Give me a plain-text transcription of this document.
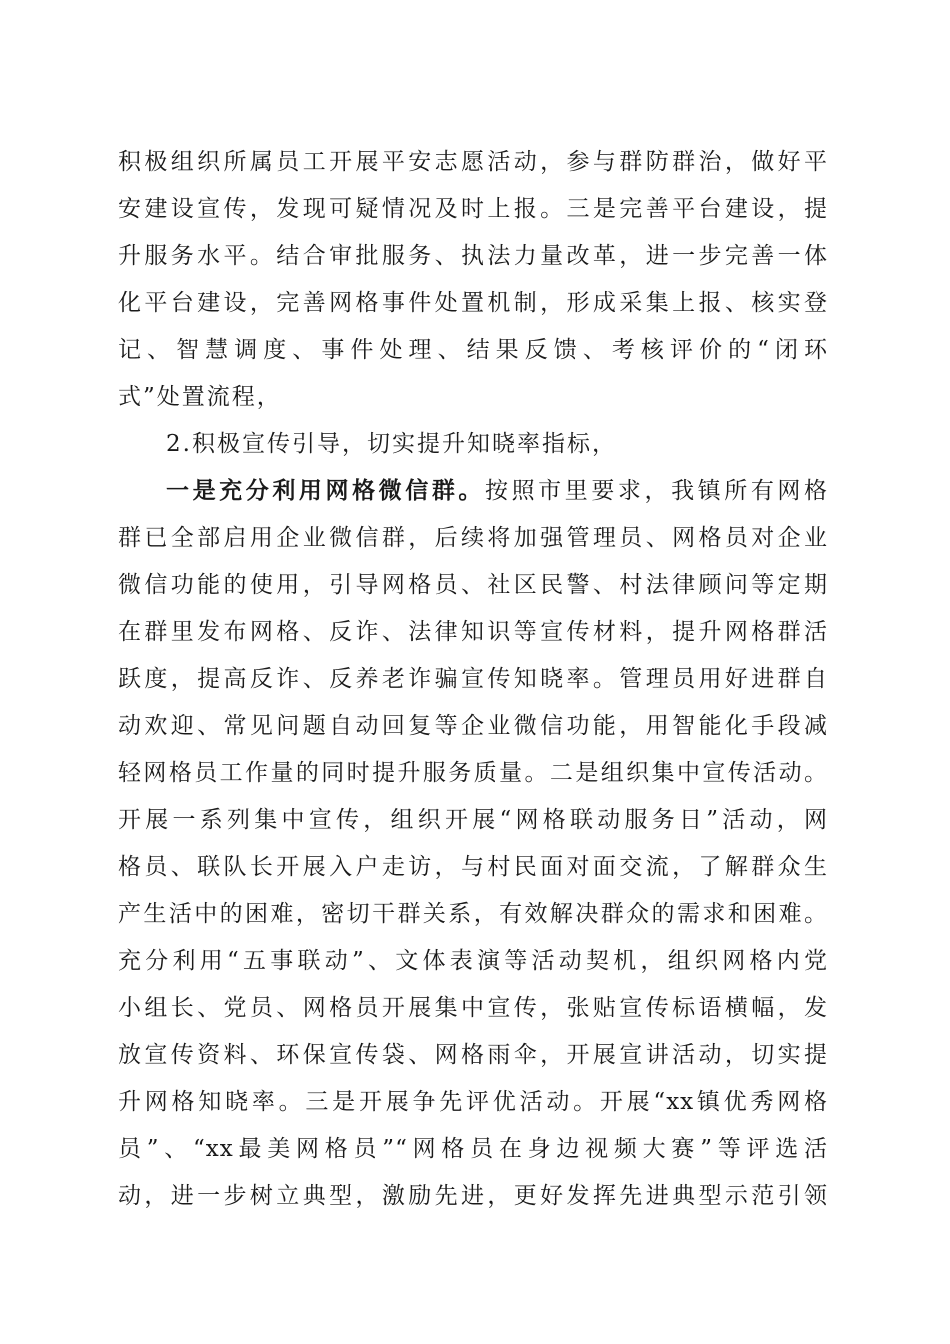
积极组织所属员工开展平安志愿活动，参与群防群治，做好平
安建设宣传，发现可疑情况及时上报。三是完善平台建设，提
升服务水平。结合审批服务、执法力量改革，进一步完善一体
化平台建设，完善网格事件处置机制，形成采集上报、核实登
记、智慧调度、事件处理、结果反馈、考核评价的“闭环
式”处置流程，
2.积极宣传引导，切实提升知晓率指标，
一是充分利用网格微信群。按照市里要求，我镇所有网格
群已全部启用企业微信群，后续将加强管理员、网格员对企业
微信功能的使用，引导网格员、社区民警、村法律顾问等定期
在群里发布网格、反诈、法律知识等宣传材料，提升网格群活
跃度，提高反诈、反养老诈骗宣传知晓率。管理员用好进群自
动欢迎、常见问题自动回复等企业微信功能，用智能化手段减
轻网格员工作量的同时提升服务质量。二是组织集中宣传活动。
开展一系列集中宣传，组织开展“网格联动服务日”活动，网
格员、联队长开展入户走访，与村民面对面交流，了解群众生
产生活中的困难，密切干群关系，有效解决群众的需求和困难。
充分利用“五事联动”、文体表演等活动契机，组织网格内党
小组长、党员、网格员开展集中宣传，张贴宣传标语横幅，发
放宣传资料、环保宣传袋、网格雨伞，开展宣讲活动，切实提
升网格知晓率。三是开展争先评优活动。开展“xx镇优秀网格
员”、“xx最美网格员”“网格员在身边视频大赛”等评选活
动，进一步树立典型，激励先进，更好发挥先进典型示范引领
